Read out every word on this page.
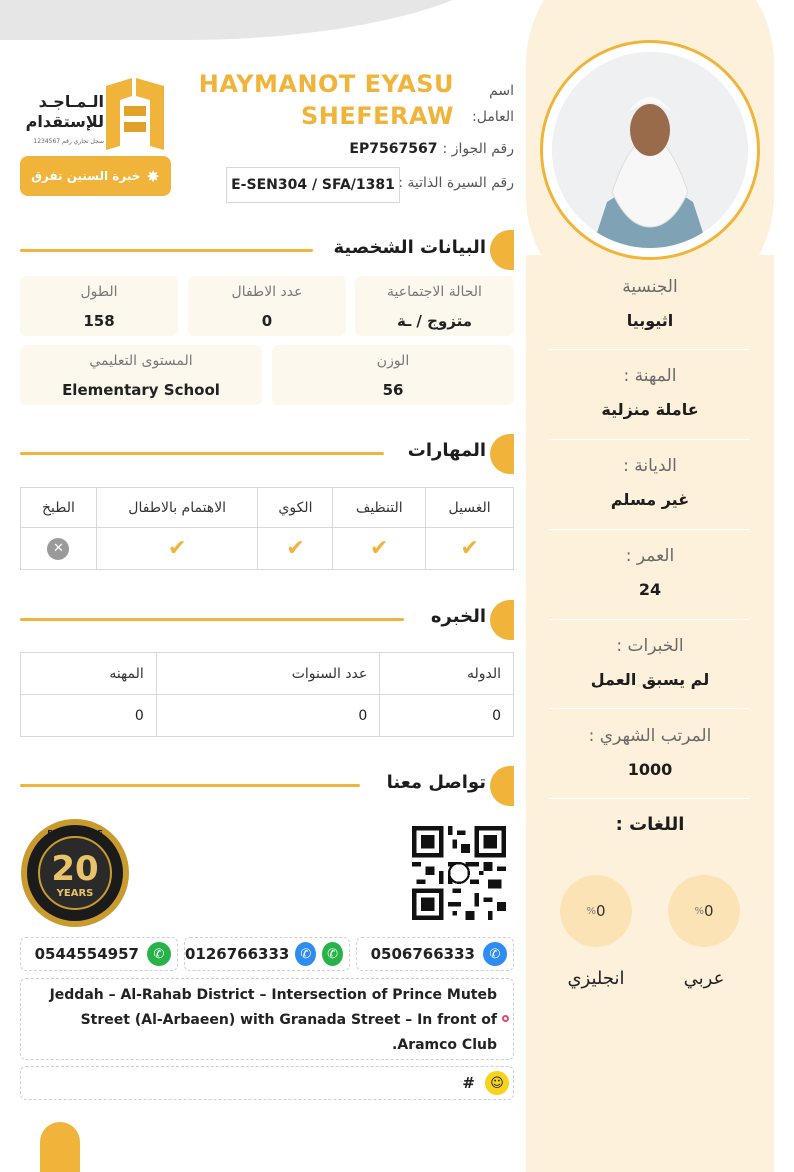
الجنسية
اثيوبيا
المهنة :
عاملة منزلية
الديانة :
غير مسلم
العمر :
24
الخبرات :
لم يسبق العمل
المرتب الشهري :
1000
اللغات :
% 0
عربي
% 0
انجليزي
الـمـاجـد
للإستقدام
سجل تجاري رقم 1234567
✸
خبرة السنين تفرق
اسم العامل:
HAYMANOT EYASU SHEFERAW
رقم الجواز : EP7567567
رقم السيرة الذاتية :
E-SEN304 / SFA/1381
البيانات الشخصية
الحالة الاجتماعية
متزوج / ـة
عدد الاطفال
0
الطول
158
الوزن
56
المستوى التعليمي
Elementary School
المهارات
الغسيل	التنظيف	الكوي	الاهتمام بالاطفال	الطبخ
✔	✔	✔	✔	✕
الخبره
الدوله	عدد السنوات	المهنه
0	0	0
تواصل معنا
20
YEARS
EXPERIENCE
0506766333	✆
0126766333 ✆	✆
0544554957	✆
Jeddah – Al-Rahab District – Intersection of Prince Muteb Street (Al-Arbaeen) with Granada Street – In front of Aramco Club.
#	☺
